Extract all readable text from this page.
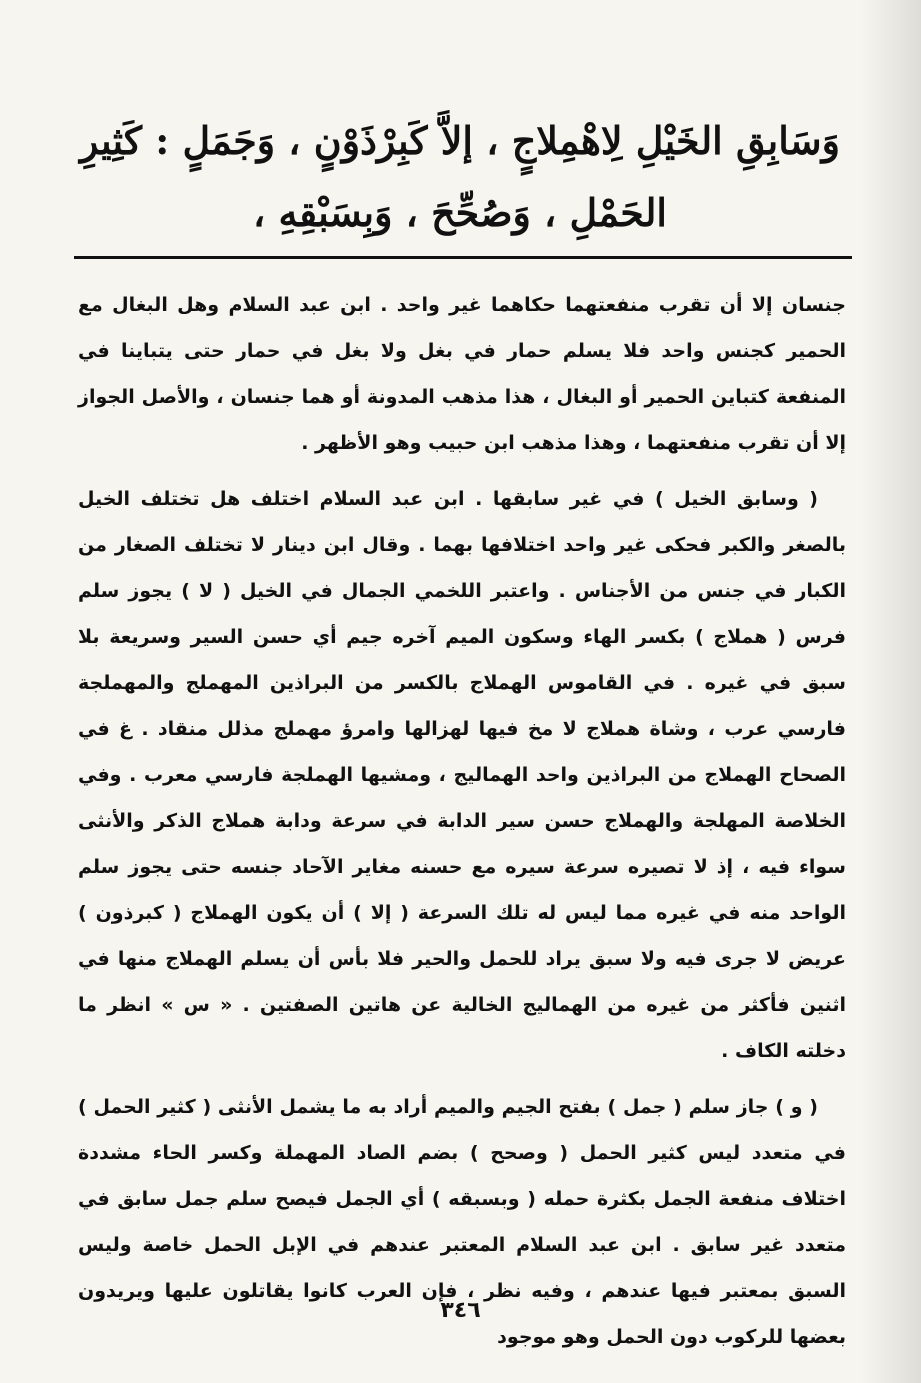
وَسَابِقِ الخَيْلِ لِاهْمِلاجٍ ، إلاَّ كَبِرْذَوْنٍ ، وَجَمَلٍ : كَثِيرِ
الحَمْلِ ، وَصُحِّحَ ، وَبِسَبْقِهِ ،

جنسان إلا أن تقرب منفعتهما حكاهما غير واحد . ابن عبد السلام وهل البغال مع الحمير كجنس واحد فلا يسلم حمار في بغل ولا بغل في حمار حتى يتباينا في المنفعة كتباين الحمير أو البغال ، هذا مذهب المدونة أو هما جنسان ، والأصل الجواز إلا أن تقرب منفعتهما ، وهذا مذهب ابن حبيب وهو الأظهر .

( وسابق الخيل ) في غير سابقها . ابن عبد السلام اختلف هل تختلف الخيل بالصغر والكبر فحكى غير واحد اختلافها بهما . وقال ابن دينار لا تختلف الصغار من الكبار في جنس من الأجناس . واعتبر اللخمي الجمال في الخيل ( لا ) يجوز سلم فرس ( هملاج ) بكسر الهاء وسكون الميم آخره جيم أي حسن السير وسريعة بلا سبق في غيره . في القاموس الهملاج بالكسر من البراذين المهملج والمهملجة فارسي عرب ، وشاة هملاج لا مخ فيها لهزالها وامرؤ مهملج مذلل منقاد . غ في الصحاح الهملاج من البراذين واحد الهماليج ، ومشيها الهملجة فارسي معرب . وفي الخلاصة المهلجة والهملاج حسن سير الدابة في سرعة ودابة هملاج الذكر والأنثى سواء فيه ، إذ لا تصيره سرعة سيره مع حسنه مغاير الآحاد جنسه حتى يجوز سلم الواحد منه في غيره مما ليس له تلك السرعة ( إلا ) أن يكون الهملاج ( كبرذون ) عريض لا جرى فيه ولا سبق يراد للحمل والحير فلا بأس أن يسلم الهملاج منها في اثنين فأكثر من غيره من الهماليج الخالية عن هاتين الصفتين . « س » انظر ما دخلته الكاف .

( و ) جاز سلم ( جمل ) بفتح الجيم والميم أراد به ما يشمل الأنثى ( كثير الحمل ) في متعدد ليس كثير الحمل ( وصحح ) بضم الصاد المهملة وكسر الحاء مشددة اختلاف منفعة الجمل بكثرة حمله ( وبسبقه ) أي الجمل فيصح سلم جمل سابق في متعدد غير سابق . ابن عبد السلام المعتبر عندهم في الإبل الحمل خاصة وليس السبق بمعتبر فيها عندهم ، وفيه نظر ، فإن العرب كانوا يقاتلون عليها ويريدون بعضها للركوب دون الحمل وهو موجود

٣٤٦
